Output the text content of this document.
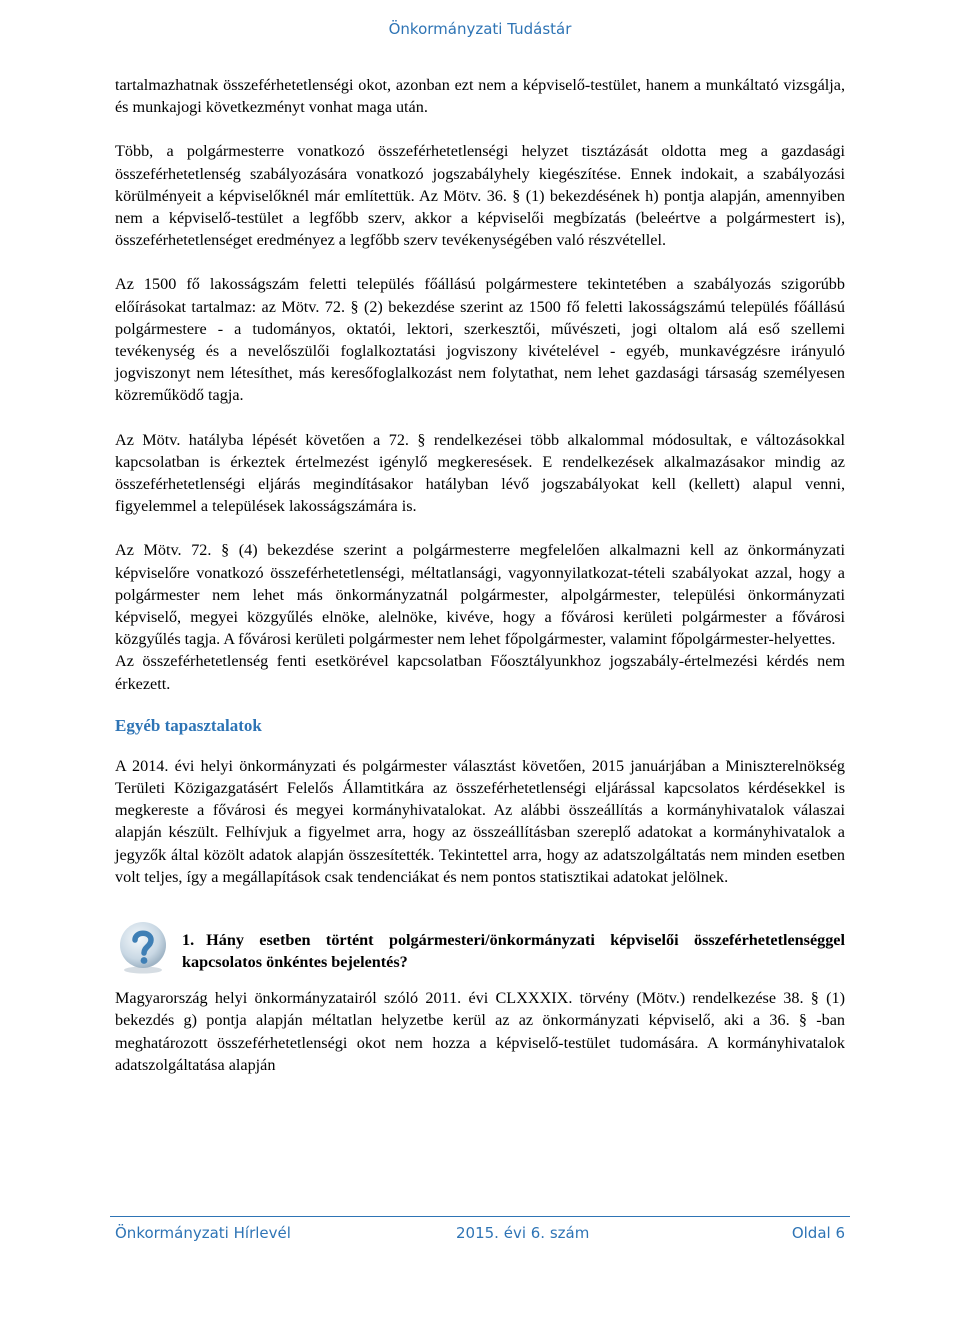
Önkormányzati Tudástár

tartalmazhatnak összeférhetetlenségi okot, azonban ezt nem a képviselő-testület, hanem a munkáltató vizsgálja, és munkajogi következményt vonhat maga után.

Több, a polgármesterre vonatkozó összeférhetetlenségi helyzet tisztázását oldotta meg a gazdasági összeférhetetlenség szabályozására vonatkozó jogszabályhely kiegészítése. Ennek indokait, a szabályozási körülményeit a képviselőknél már említettük. Az Mötv. 36. § (1) bekezdésének h) pontja alapján, amennyiben nem a képviselő-testület a legfőbb szerv, akkor a képviselői megbízatás (beleértve a polgármestert is), összeférhetetlenséget eredményez a legfőbb szerv tevékenységében való részvétellel.

Az 1500 fő lakosságszám feletti település főállású polgármestere tekintetében a szabályozás szigorúbb előírásokat tartalmaz: az Mötv. 72. § (2) bekezdése szerint az 1500 fő feletti lakosságszámú település főállású polgármestere - a tudományos, oktatói, lektori, szerkesztői, művészeti, jogi oltalom alá eső szellemi tevékenység és a nevelőszülői foglalkoztatási jogviszony kivételével - egyéb, munkavégzésre irányuló jogviszonyt nem létesíthet, más keresőfoglalkozást nem folytathat, nem lehet gazdasági társaság személyesen közreműködő tagja.

Az Mötv. hatályba lépését követően a 72. § rendelkezései több alkalommal módosultak, e változásokkal kapcsolatban is érkeztek értelmezést igénylő megkeresések. E rendelkezések alkalmazásakor mindig az összeférhetetlenségi eljárás megindításakor hatályban lévő jogszabályokat kell (kellett) alapul venni, figyelemmel a települések lakosságszámára is.

Az Mötv. 72. § (4) bekezdése szerint a polgármesterre megfelelően alkalmazni kell az önkormányzati képviselőre vonatkozó összeférhetetlenségi, méltatlansági, vagyonnyilatkozat-tételi szabályokat azzal, hogy a polgármester nem lehet más önkormányzatnál polgármester, alpolgármester, települési önkormányzati képviselő, megyei közgyűlés elnöke, alelnöke, kivéve, hogy a fővárosi kerületi polgármester a fővárosi közgyűlés tagja. A fővárosi kerületi polgármester nem lehet főpolgármester, valamint főpolgármester-helyettes.

Az összeférhetetlenség fenti esetkörével kapcsolatban Főosztályunkhoz jogszabály-értelmezési kérdés nem érkezett.

Egyéb tapasztalatok

A 2014. évi helyi önkormányzati és polgármester választást követően, 2015 januárjában a Miniszterelnökség Területi Közigazgatásért Felelős Államtitkára az összeférhetetlenségi eljárással kapcsolatos kérdésekkel is megkereste a fővárosi és megyei kormányhivatalokat. Az alábbi összeállítás a kormányhivatalok válaszai alapján készült. Felhívjuk a figyelmet arra, hogy az összeállításban szereplő adatokat a kormányhivatalok a jegyzők által közölt adatok alapján összesítették. Tekintettel arra, hogy az adatszolgáltatás nem minden esetben volt teljes, így a megállapítások csak tendenciákat és nem pontos statisztikai adatokat jelölnek.

1. Hány esetben történt polgármesteri/önkormányzati képviselői összeférhetetlenséggel kapcsolatos önkéntes bejelentés?

Magyarország helyi önkormányzatairól szóló 2011. évi CLXXXIX. törvény (Mötv.) rendelkezése 38. § (1) bekezdés g) pontja alapján méltatlan helyzetbe kerül az az önkormányzati képviselő, aki a 36. § -ban meghatározott összeférhetetlenségi okot nem hozza a képviselő-testület tudomására. A kormányhivatalok adatszolgáltatása alapján

Önkormányzati Hírlevél	2015. évi 6. szám	Oldal 6
